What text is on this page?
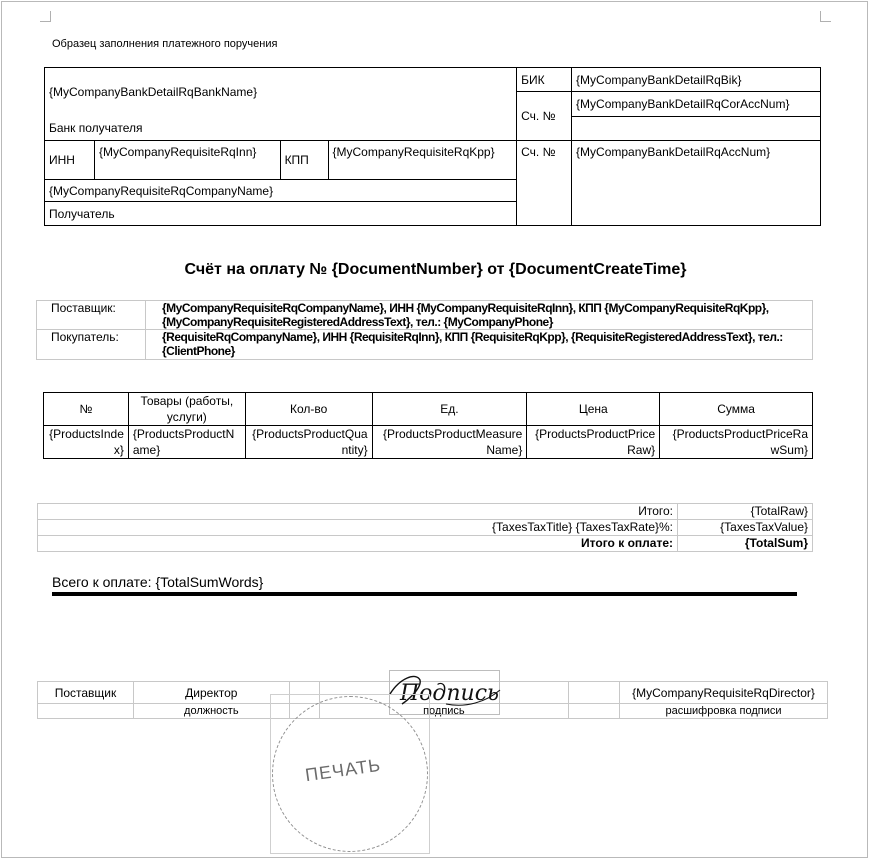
Образец заполнения платежного поручения
{MyCompanyBankDetailRqBankName}				БИК	{MyCompanyBankDetailRqBik}
				Сч. №	{MyCompanyBankDetailRqCorAccNum}
Банк получателя					
ИНН	{MyCompanyRequisiteRqInn}	КПП	{MyCompanyRequisiteRqKpp}	Сч. №	{MyCompanyBankDetailRqAccNum}
{MyCompanyRequisiteRqCompanyName}					
Получатель					
Счёт на оплату № {DocumentNumber} от {DocumentCreateTime}
Поставщик:	{MyCompanyRequisiteRqCompanyName}, ИНН {MyCompanyRequisiteRqInn}, КПП {MyCompanyRequisiteRqKpp}, {MyCompanyRequisiteRegisteredAddressText}, тел.: {MyCompanyPhone}
Покупатель:	{RequisiteRqCompanyName}, ИНН {RequisiteRqInn}, КПП {RequisiteRqKpp}, {RequisiteRegisteredAddressText}, тел.: {ClientPhone}
№	Товары (работы, услуги)	Кол-во	Ед.	Цена	Сумма
{ProductsIndex}	{ProductsProductName}	{ProductsProductQuantity}	{ProductsProductMeasureName}	{ProductsProductPriceRaw}	{ProductsProductPriceRawSum}
Итого:	{TotalRaw}
{TaxesTaxTitle} {TaxesTaxRate}%:	{TaxesTaxValue}
Итого к оплате:	{TotalSum}
Всего к оплате: {TotalSumWords}
Поставщик	Директор				{MyCompanyRequisiteRqDirector}
	должность		подпись		расшифровка подписи
Подпись
ПЕЧАТЬ
